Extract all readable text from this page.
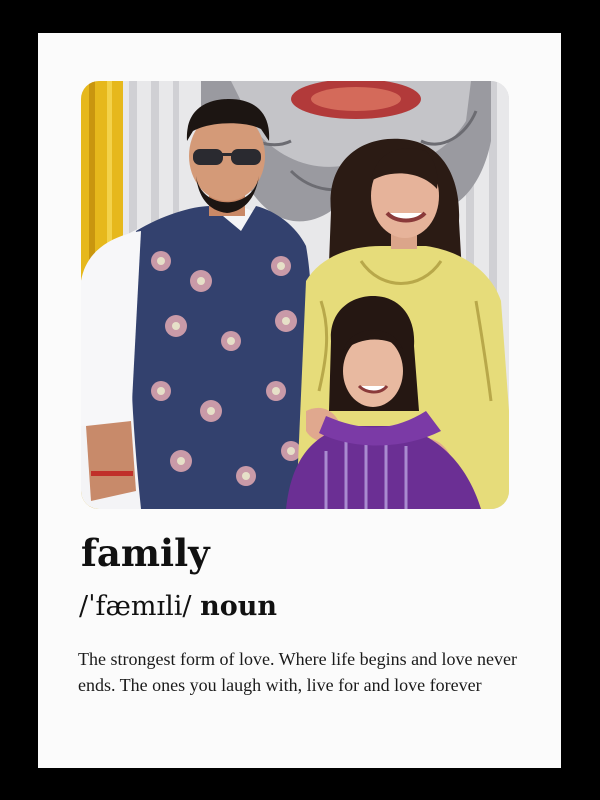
family
/ˈfæmɪli/ noun

The strongest form of love. Where life begins and love never ends. The ones you laugh with, live for and love forever
